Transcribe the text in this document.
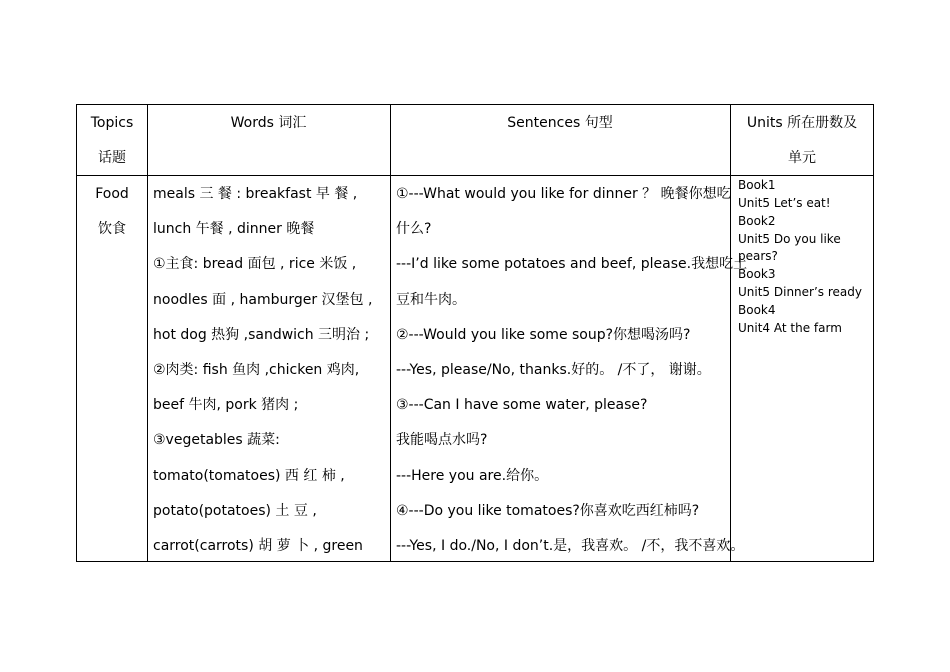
Topics
话题
Words 词汇	Sentences 句型	Units 所在册数及
单元
Food
饮食
meals 三 餐 : breakfast 早 餐 ,
lunch 午餐 , dinner 晚餐
①主食: bread 面包 , rice 米饭 ,
noodles 面 , hamburger 汉堡包 ,
hot dog 热狗 ,sandwich 三明治 ;
②肉类: fish 鱼肉 ,chicken 鸡肉,
beef 牛肉, pork 猪肉 ;
③vegetables 蔬菜:
tomato(tomatoes) 西 红 柿 ,
potato(potatoes) 土 豆 ,
carrot(carrots) 胡 萝 卜 , green
①---What would you like for dinner ？ 晚餐你想吃
什么?
---I’d like some potatoes and beef, please.我想吃土
豆和牛肉。
②---Would you like some soup?你想喝汤吗?
---Yes, please/No, thanks.好的。 /不了， 谢谢。
③---Can I have some water, please?
我能喝点水吗?
---Here you are.给你。
④---Do you like tomatoes?你喜欢吃西红柿吗?
---Yes, I do./No, I don’t.是，我喜欢。 /不，我不喜欢。
Book1
Unit5 Let’s eat!
Book2
Unit5 Do you like
pears?
Book3
Unit5 Dinner’s ready
Book4
Unit4 At the farm
